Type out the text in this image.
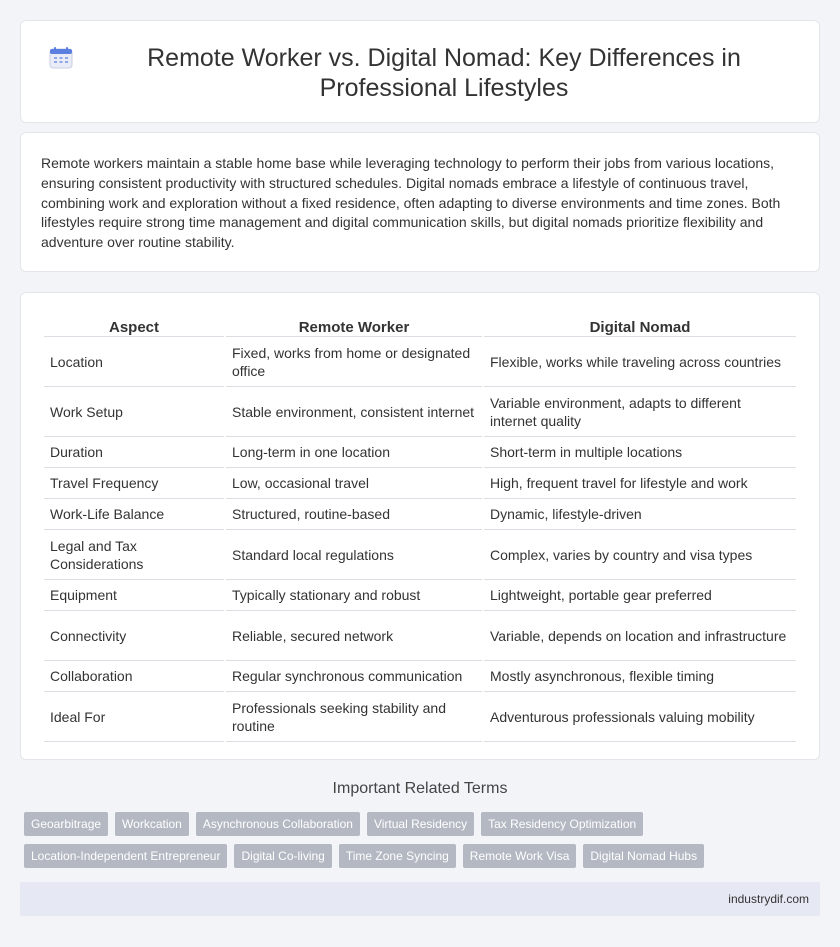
Remote Worker vs. Digital Nomad: Key Differences in Professional Lifestyles

Remote workers maintain a stable home base while leveraging technology to perform their jobs from various locations, ensuring consistent productivity with structured schedules. Digital nomads embrace a lifestyle of continuous travel, combining work and exploration without a fixed residence, often adapting to diverse environments and time zones. Both lifestyles require strong time management and digital communication skills, but digital nomads prioritize flexibility and adventure over routine stability.

Aspect	Remote Worker	Digital Nomad
Location	Fixed, works from home or designated office	Flexible, works while traveling across countries
Work Setup	Stable environment, consistent internet	Variable environment, adapts to different internet quality
Duration	Long-term in one location	Short-term in multiple locations
Travel Frequency	Low, occasional travel	High, frequent travel for lifestyle and work
Work-Life Balance	Structured, routine-based	Dynamic, lifestyle-driven
Legal and Tax Considerations	Standard local regulations	Complex, varies by country and visa types
Equipment	Typically stationary and robust	Lightweight, portable gear preferred
Connectivity	Reliable, secured network	Variable, depends on location and infrastructure
Collaboration	Regular synchronous communication	Mostly asynchronous, flexible timing
Ideal For	Professionals seeking stability and routine	Adventurous professionals valuing mobility
Important Related Terms
Geoarbitrage	Workcation	Asynchronous Collaboration	Virtual Residency	Tax Residency Optimization
Location-Independent Entrepreneur	Digital Co-living	Time Zone Syncing	Remote Work Visa	Digital Nomad Hubs
industrydif.com
